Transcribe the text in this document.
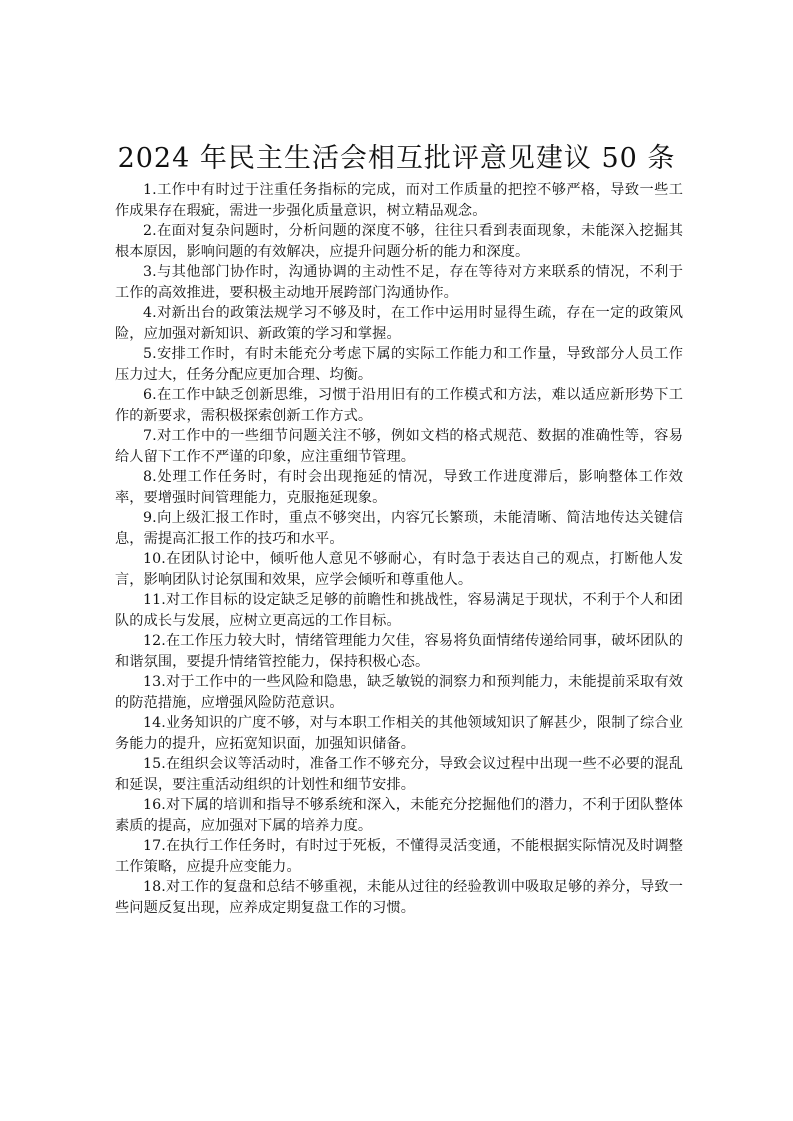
2024 年民主生活会相互批评意见建议 50 条

1.工作中有时过于注重任务指标的完成，而对工作质量的把控不够严格，导致一些工作成果存在瑕疵，需进一步强化质量意识，树立精品观念。

2.在面对复杂问题时，分析问题的深度不够，往往只看到表面现象，未能深入挖掘其根本原因，影响问题的有效解决，应提升问题分析的能力和深度。

3.与其他部门协作时，沟通协调的主动性不足，存在等待对方来联系的情况，不利于工作的高效推进，要积极主动地开展跨部门沟通协作。

4.对新出台的政策法规学习不够及时，在工作中运用时显得生疏，存在一定的政策风险，应加强对新知识、新政策的学习和掌握。

5.安排工作时，有时未能充分考虑下属的实际工作能力和工作量，导致部分人员工作压力过大，任务分配应更加合理、均衡。

6.在工作中缺乏创新思维，习惯于沿用旧有的工作模式和方法，难以适应新形势下工作的新要求，需积极探索创新工作方式。

7.对工作中的一些细节问题关注不够，例如文档的格式规范、数据的准确性等，容易给人留下工作不严谨的印象，应注重细节管理。

8.处理工作任务时，有时会出现拖延的情况，导致工作进度滞后，影响整体工作效率，要增强时间管理能力，克服拖延现象。

9.向上级汇报工作时，重点不够突出，内容冗长繁琐，未能清晰、简洁地传达关键信息，需提高汇报工作的技巧和水平。

10.在团队讨论中，倾听他人意见不够耐心，有时急于表达自己的观点，打断他人发言，影响团队讨论氛围和效果，应学会倾听和尊重他人。

11.对工作目标的设定缺乏足够的前瞻性和挑战性，容易满足于现状，不利于个人和团队的成长与发展，应树立更高远的工作目标。

12.在工作压力较大时，情绪管理能力欠佳，容易将负面情绪传递给同事，破坏团队的和谐氛围，要提升情绪管控能力，保持积极心态。

13.对于工作中的一些风险和隐患，缺乏敏锐的洞察力和预判能力，未能提前采取有效的防范措施，应增强风险防范意识。

14.业务知识的广度不够，对与本职工作相关的其他领域知识了解甚少，限制了综合业务能力的提升，应拓宽知识面，加强知识储备。

15.在组织会议等活动时，准备工作不够充分，导致会议过程中出现一些不必要的混乱和延误，要注重活动组织的计划性和细节安排。

16.对下属的培训和指导不够系统和深入，未能充分挖掘他们的潜力，不利于团队整体素质的提高，应加强对下属的培养力度。

17.在执行工作任务时，有时过于死板，不懂得灵活变通，不能根据实际情况及时调整工作策略，应提升应变能力。

18.对工作的复盘和总结不够重视，未能从过往的经验教训中吸取足够的养分，导致一些问题反复出现，应养成定期复盘工作的习惯。
